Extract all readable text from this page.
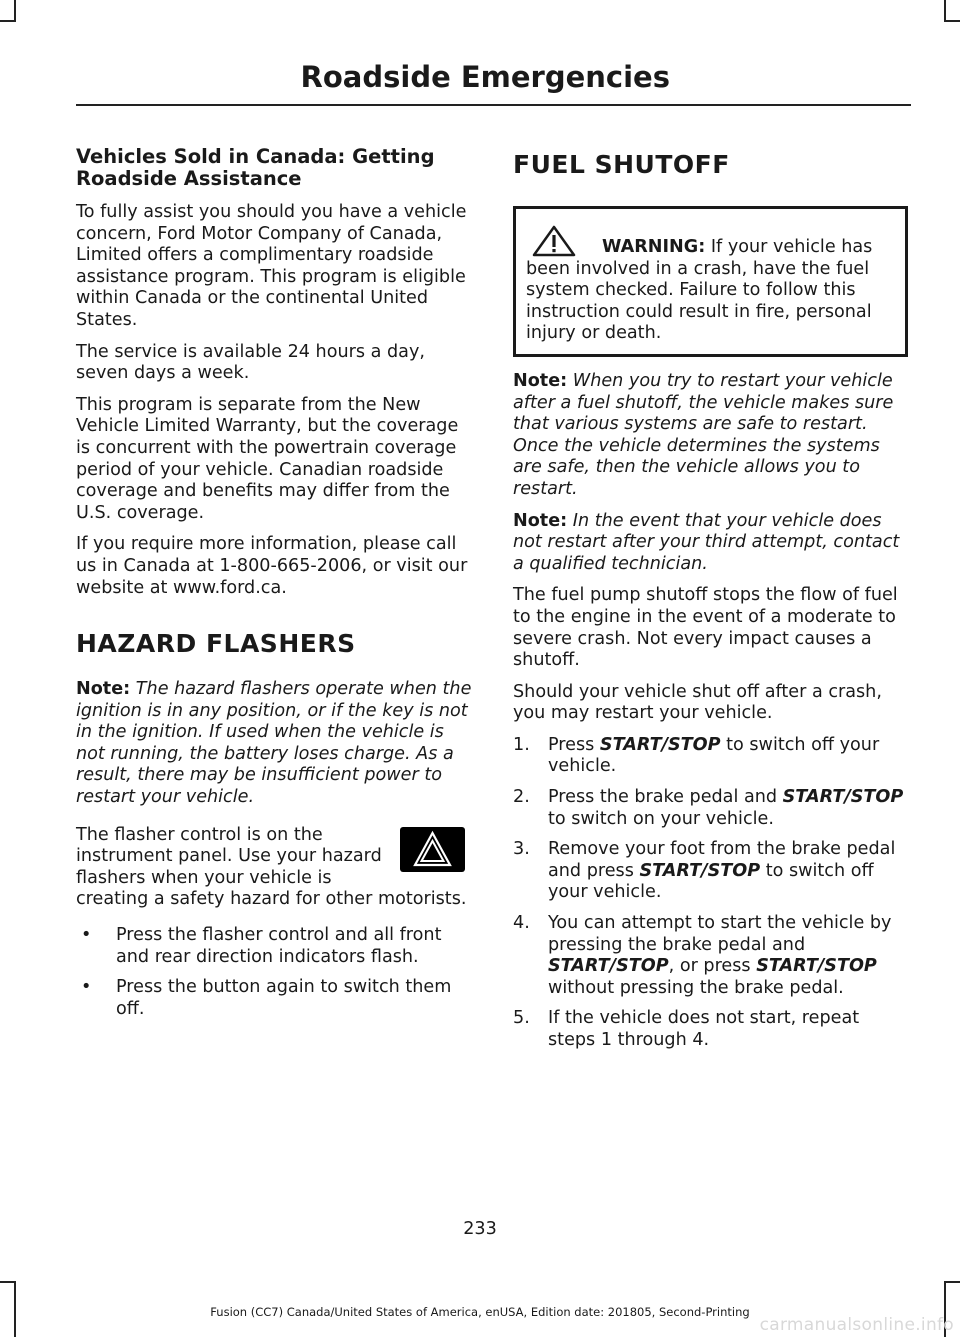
Roadside Emergencies
Vehicles Sold in Canada: Getting Roadside Assistance

To fully assist you should you have a vehicle concern, Ford Motor Company of Canada, Limited offers a complimentary roadside assistance program. This program is eligible within Canada or the continental United States.

The service is available 24 hours a day, seven days a week.

This program is separate from the New Vehicle Limited Warranty, but the coverage is concurrent with the powertrain coverage period of your vehicle. Canadian roadside coverage and benefits may differ from the U.S. coverage.

If you require more information, please call us in Canada at 1-800-665-2006, or visit our website at www.ford.ca.

HAZARD FLASHERS

Note: The hazard flashers operate when the ignition is in any position, or if the key is not in the ignition. If used when the vehicle is not running, the battery loses charge. As a result, there may be insufficient power to restart your vehicle.

The flasher control is on the instrument panel. Use your hazard flashers when your vehicle is creating a safety hazard for other motorists.

• Press the flasher control and all front and rear direction indicators flash.
• Press the button again to switch them off.
FUEL SHUTOFF

WARNING: If your vehicle has been involved in a crash, have the fuel system checked. Failure to follow this instruction could result in fire, personal injury or death.

Note: When you try to restart your vehicle after a fuel shutoff, the vehicle makes sure that various systems are safe to restart. Once the vehicle determines the systems are safe, then the vehicle allows you to restart.

Note: In the event that your vehicle does not restart after your third attempt, contact a qualified technician.

The fuel pump shutoff stops the flow of fuel to the engine in the event of a moderate to severe crash. Not every impact causes a shutoff.

Should your vehicle shut off after a crash, you may restart your vehicle.

1. Press START/STOP to switch off your vehicle.
2. Press the brake pedal and START/STOP to switch on your vehicle.
3. Remove your foot from the brake pedal and press START/STOP to switch off your vehicle.
4. You can attempt to start the vehicle by pressing the brake pedal and START/STOP, or press START/STOP without pressing the brake pedal.
5. If the vehicle does not start, repeat steps 1 through 4.
233
Fusion (CC7) Canada/United States of America, enUSA, Edition date: 201805, Second-Printing
carmanualsonline.info
